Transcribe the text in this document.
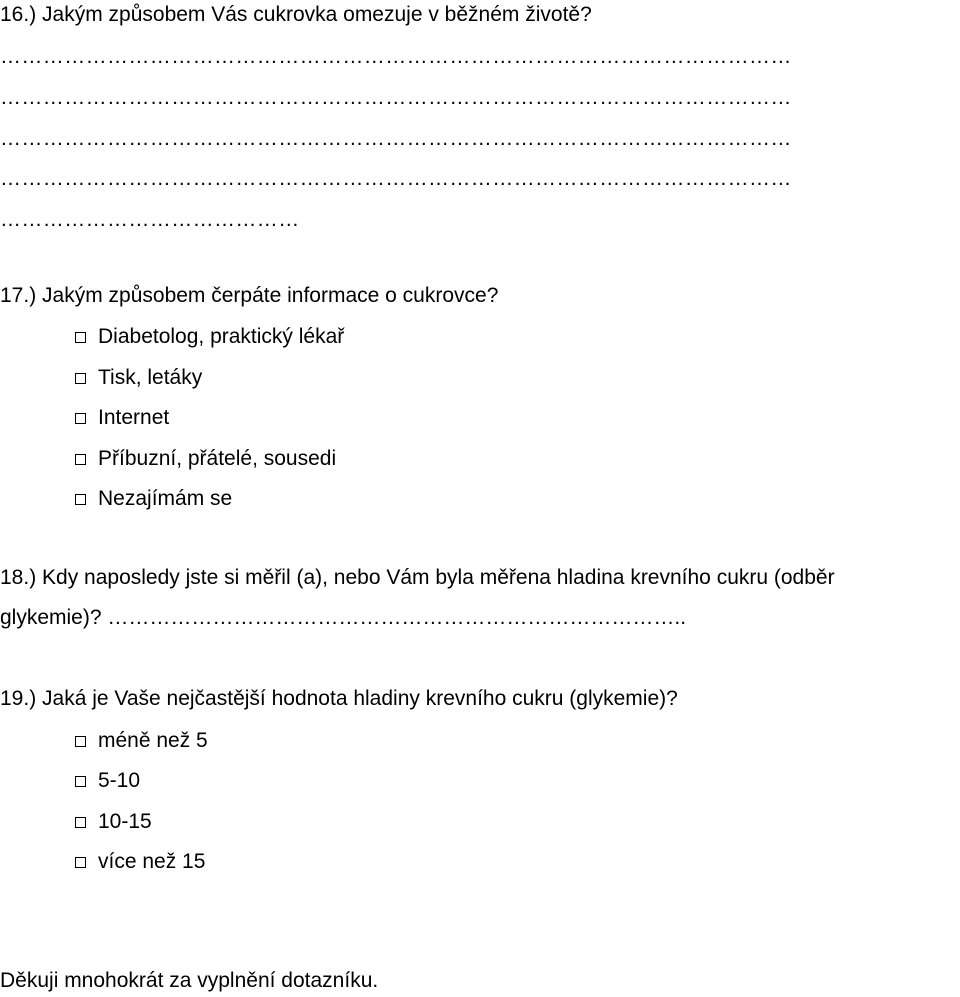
16.) Jakým způsobem Vás cukrovka omezuje v běžném životě?
…………………………………………………………………………………………………
…………………………………………………………………………………………………
…………………………………………………………………………………………………
…………………………………………………………………………………………………
……………………………………
17.) Jakým způsobem čerpáte informace o cukrovce?
Diabetolog, praktický lékař
Tisk, letáky
Internet
Příbuzní, přátelé, sousedi
Nezajímám se
18.) Kdy naposledy jste si měřil (a), nebo Vám byla měřena hladina krevního cukru (odběr
glykemie)? ………………………………………………………………………..
19.) Jaká je Vaše nejčastější hodnota hladiny krevního cukru (glykemie)?
méně než 5
5-10
10-15
více než 15
Děkuji mnohokrát za vyplnění dotazníku.
